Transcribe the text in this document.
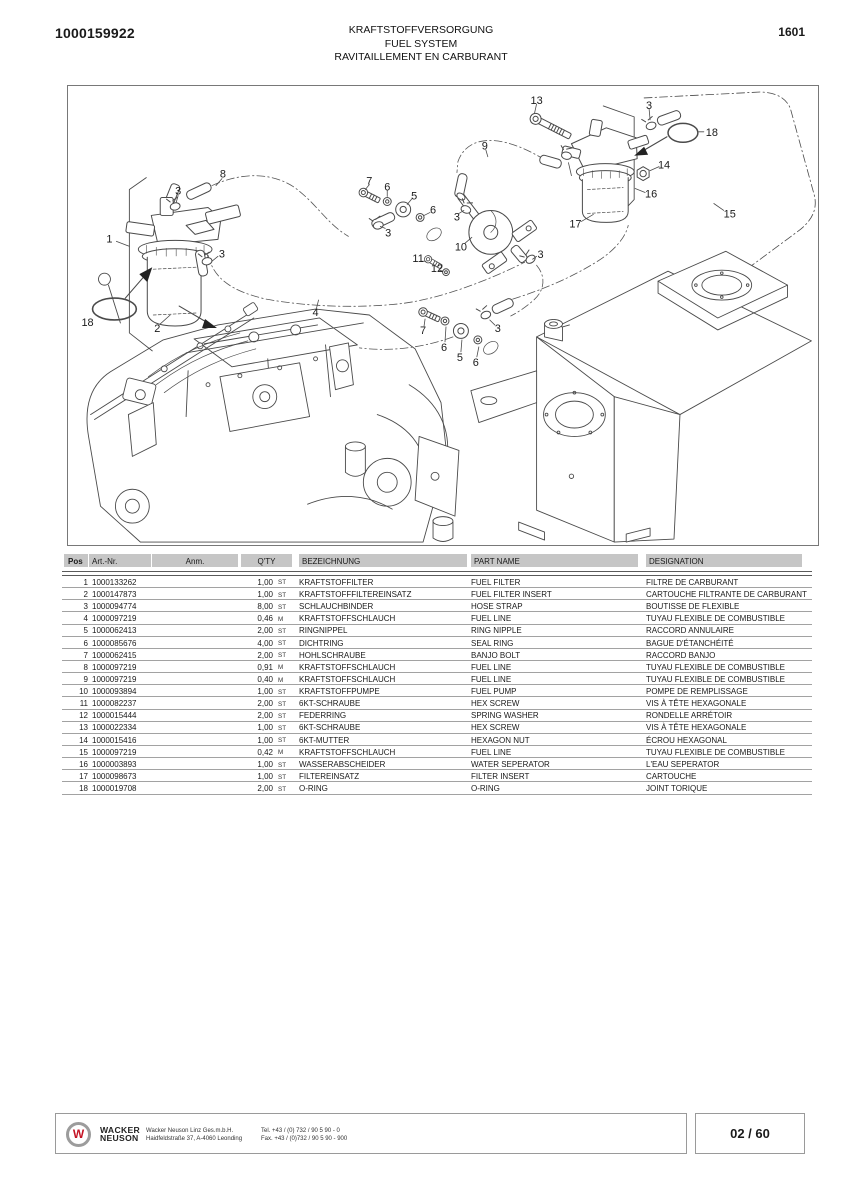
1000159922	KRAFTSTOFFVERSORGUNG
FUEL SYSTEM
RAVITAILLEMENT EN CARBURANT
1601
1
2
3
3
8
18
7 6
5
6
3
4
9
3
10
11
12
3
13	3
18
14
16
17
15
7
6
5 6
3
Pos	Art.-Nr.	Anm.	Q'TY	BEZEICHNUNG	PART NAME	DESIGNATION
1 1000133262	1,00 ST KRAFTSTOFFILTER	FUEL FILTER	FILTRE DE CARBURANT
2 1000147873	1,00 ST KRAFTSTOFFFILTEREINSATZ	FUEL FILTER INSERT	CARTOUCHE FILTRANTE DE CARBURANT
3 1000094774	8,00 ST SCHLAUCHBINDER	HOSE STRAP	BOUTISSE DE FLEXIBLE
4 1000097219	0,46 M KRAFTSTOFFSCHLAUCH	FUEL LINE	TUYAU FLEXIBLE DE COMBUSTIBLE
5 1000062413	2,00 ST RINGNIPPEL	RING NIPPLE	RACCORD ANNULAIRE
6 1000085676	4,00 ST DICHTRING	SEAL RING	BAGUE D'ÉTANCHÉITÉ
7 1000062415	2,00 ST HOHLSCHRAUBE	BANJO BOLT	RACCORD BANJO
8 1000097219	0,91 M KRAFTSTOFFSCHLAUCH	FUEL LINE	TUYAU FLEXIBLE DE COMBUSTIBLE
9 1000097219	0,40 M KRAFTSTOFFSCHLAUCH	FUEL LINE	TUYAU FLEXIBLE DE COMBUSTIBLE
10 1000093894	1,00 ST KRAFTSTOFFPUMPE	FUEL PUMP	POMPE DE REMPLISSAGE
11 1000082237	2,00 ST 6KT-SCHRAUBE	HEX SCREW	VIS À TÊTE HEXAGONALE
12 1000015444	2,00 ST FEDERRING	SPRING WASHER	RONDELLE ARRÉTOIR
13 1000022334	1,00 ST 6KT-SCHRAUBE	HEX SCREW	VIS À TÊTE HEXAGONALE
14 1000015416	1,00 ST 6KT-MUTTER	HEXAGON NUT	ÉCROU HEXAGONAL
15 1000097219	0,42 M KRAFTSTOFFSCHLAUCH	FUEL LINE	TUYAU FLEXIBLE DE COMBUSTIBLE
16 1000003893	1,00 ST WASSERABSCHEIDER	WATER SEPERATOR	L'EAU SEPERATOR
17 1000098673	1,00 ST FILTEREINSATZ	FILTER INSERT	CARTOUCHE
18 1000019708	2,00 ST O-RING	O-RING	JOINT TORIQUE
W	WACKER
NEUSON
Wacker Neuson Linz Ges.m.b.H.
Haidfeldstraße 37, A-4060 Leonding
Tel. +43 / (0) 732 / 90 5 90 - 0
Fax. +43 / (0)732 / 90 5 90 - 900	02 / 60
